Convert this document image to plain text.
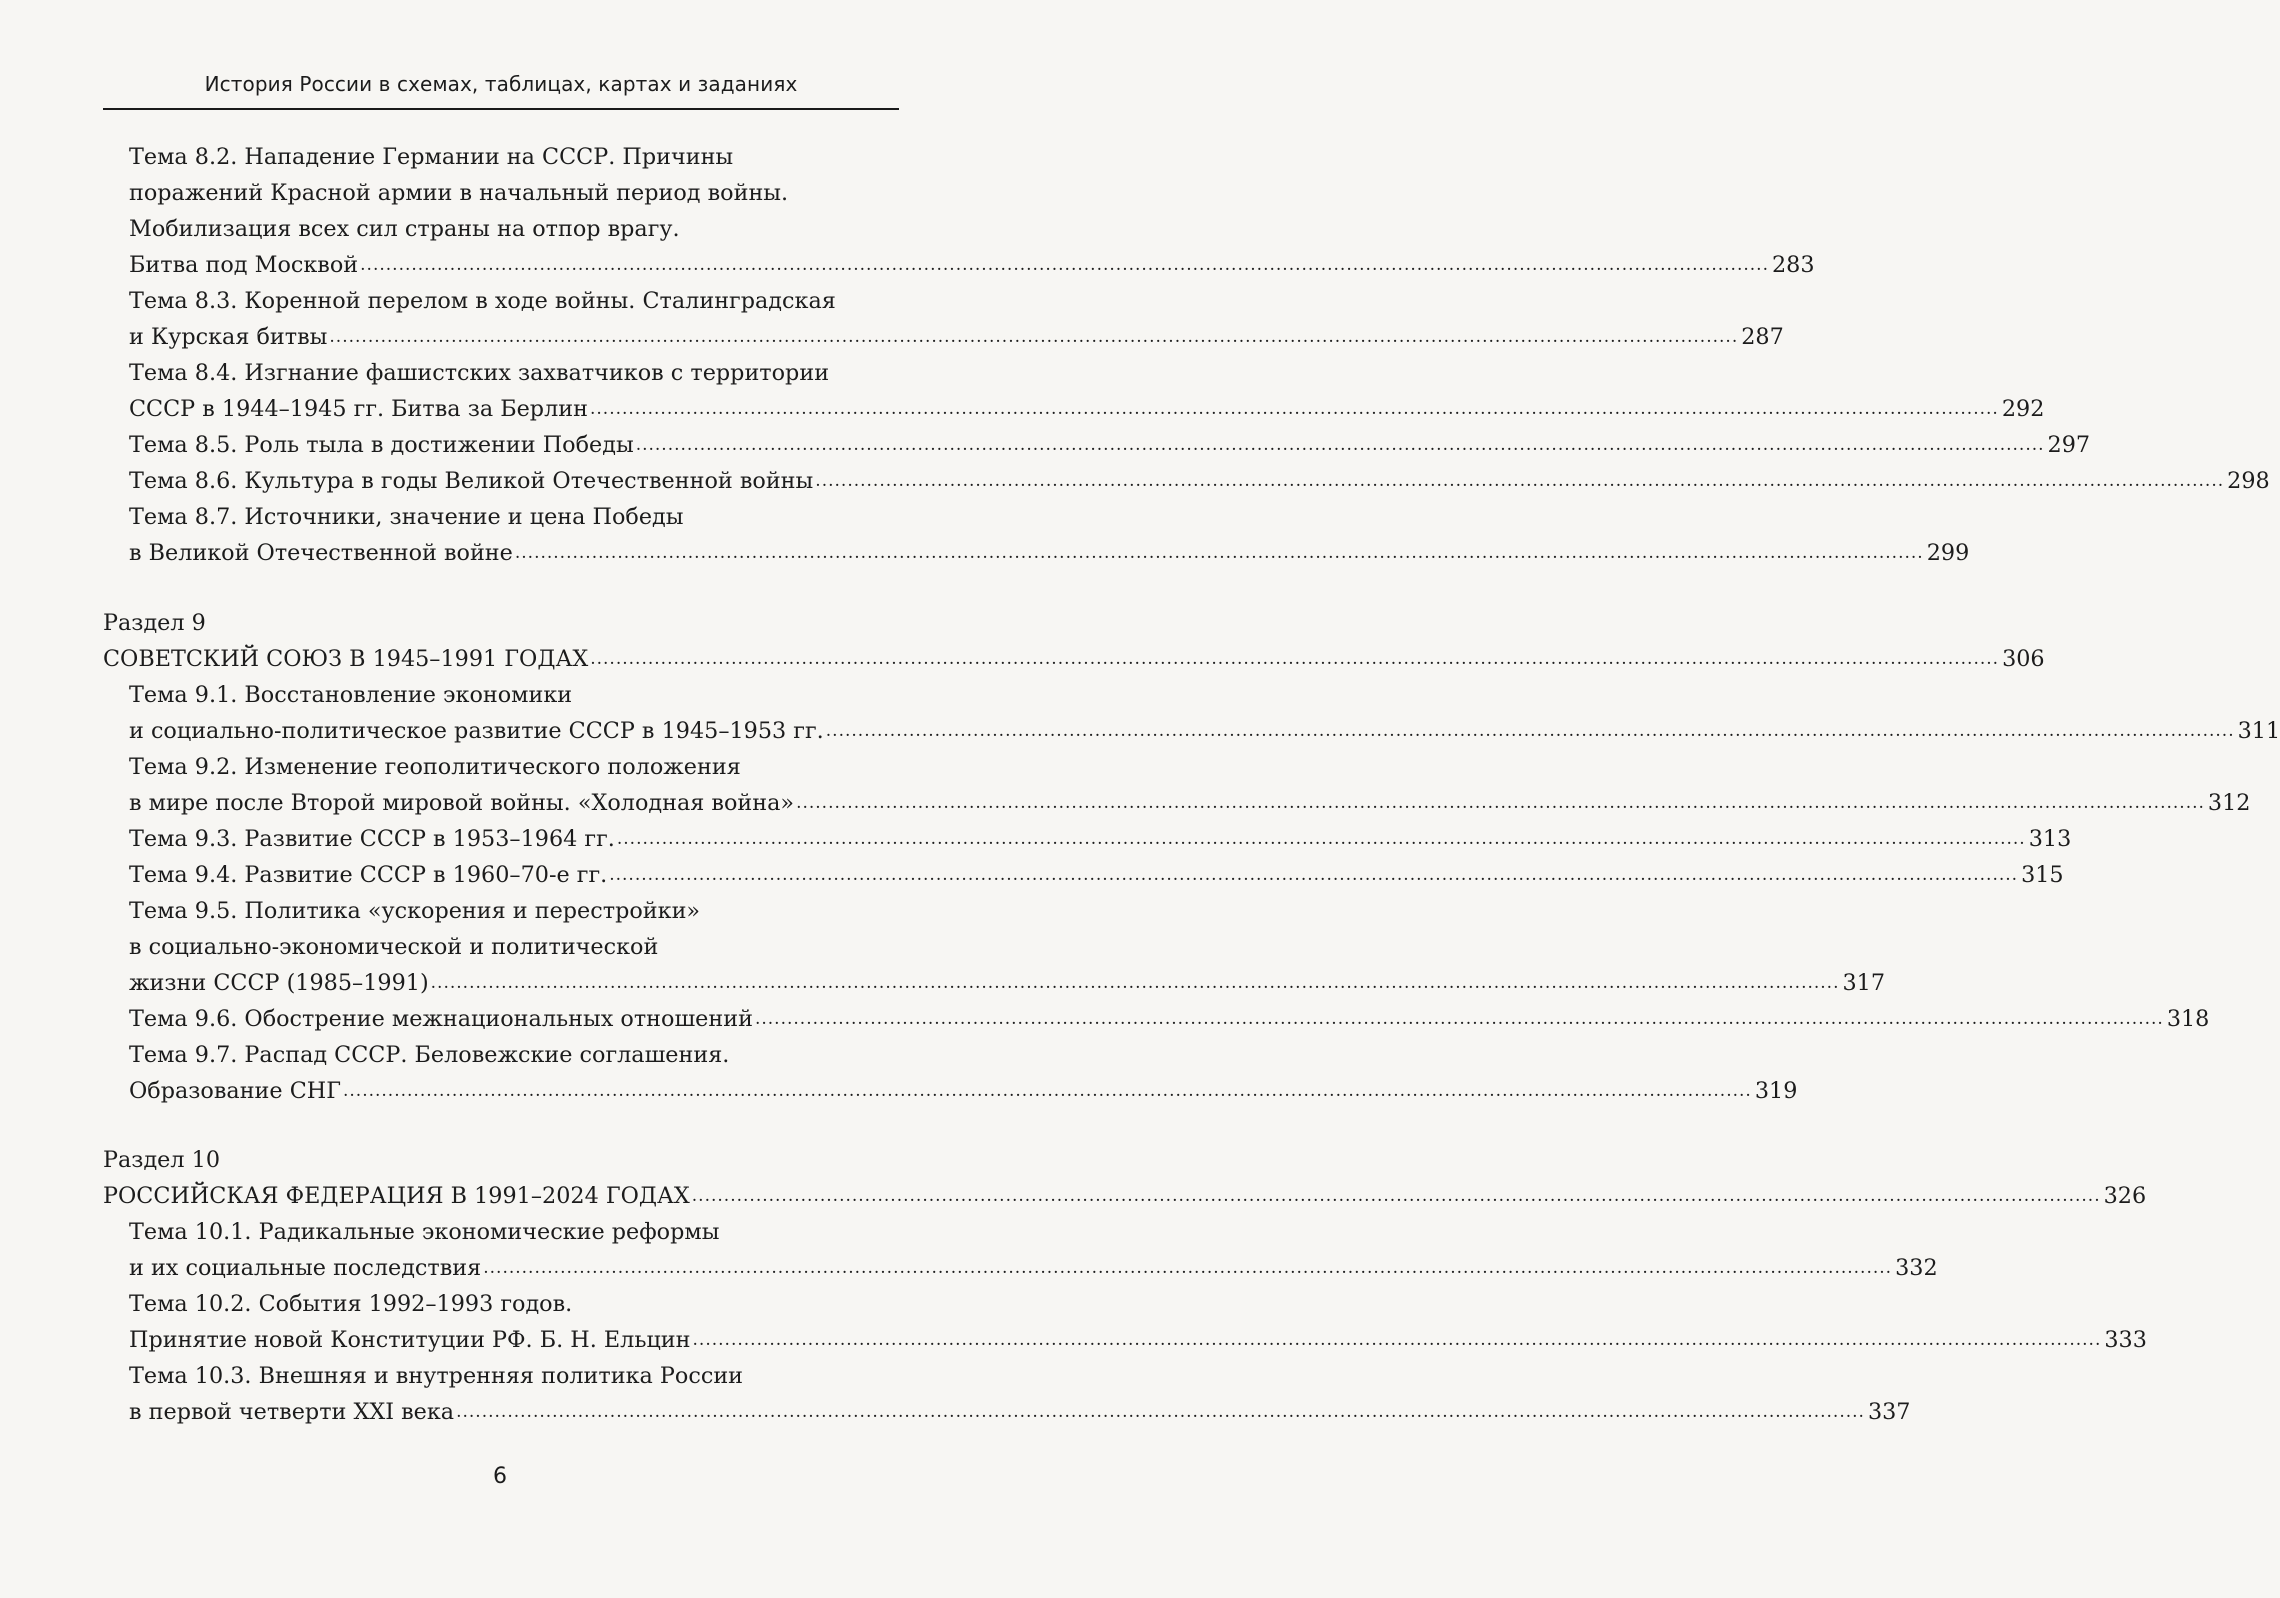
История России в схемах, таблицах, картах и заданиях
Тема 8.2. Нападение Германии на СССР. Причины
поражений Красной армии в начальный период войны.
Мобилизация всех сил страны на отпор врагу.
Битва под Москвой ............................................................................................................................................................................................................................ 283
Тема 8.3. Коренной перелом в ходе войны. Сталинградская
и Курская битвы ............................................................................................................................................................................................................................ 287
Тема 8.4. Изгнание фашистских захватчиков с территории
СССР в 1944–1945 гг. Битва за Берлин ............................................................................................................................................................................................................................ 292
Тема 8.5. Роль тыла в достижении Победы ............................................................................................................................................................................................................................ 297
Тема 8.6. Культура в годы Великой Отечественной войны ............................................................................................................................................................................................................................ 298
Тема 8.7. Источники, значение и цена Победы
в Великой Отечественной войне ............................................................................................................................................................................................................................ 299
Раздел 9
СОВЕТСКИЙ СОЮЗ В 1945–1991 ГОДАХ ............................................................................................................................................................................................................................ 306
Тема 9.1. Восстановление экономики
и социально-политическое развитие СССР в 1945–1953 гг. ............................................................................................................................................................................................................................ 311
Тема 9.2. Изменение геополитического положения
в мире после Второй мировой войны. «Холодная война» ............................................................................................................................................................................................................................ 312
Тема 9.3. Развитие СССР в 1953–1964 гг. ............................................................................................................................................................................................................................ 313
Тема 9.4. Развитие СССР в 1960–70-е гг. ............................................................................................................................................................................................................................ 315
Тема 9.5. Политика «ускорения и перестройки»
в социально-экономической и политической
жизни СССР (1985–1991) ............................................................................................................................................................................................................................ 317
Тема 9.6. Обострение межнациональных отношений ............................................................................................................................................................................................................................ 318
Тема 9.7. Распад СССР. Беловежские соглашения.
Образование СНГ ............................................................................................................................................................................................................................ 319
Раздел 10
РОССИЙСКАЯ ФЕДЕРАЦИЯ В 1991–2024 ГОДАХ ............................................................................................................................................................................................................................ 326
Тема 10.1. Радикальные экономические реформы
и их социальные последствия ............................................................................................................................................................................................................................ 332
Тема 10.2. События 1992–1993 годов.
Принятие новой Конституции РФ. Б. Н. Ельцин ............................................................................................................................................................................................................................ 333
Тема 10.3. Внешняя и внутренняя политика России
в первой четверти XXI века ............................................................................................................................................................................................................................ 337
6
